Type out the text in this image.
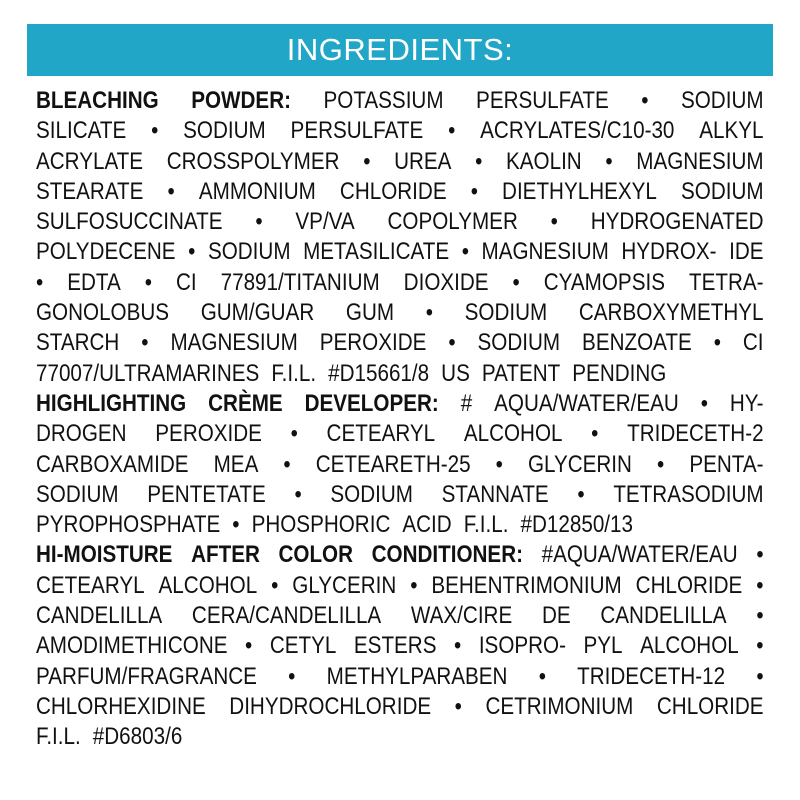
INGREDIENTS:
BLEACHING POWDER: POTASSIUM PERSULFATE • SODIUM
SILICATE • SODIUM PERSULFATE • ACRYLATES/C10-30 ALKYL
ACRYLATE CROSSPOLYMER • UREA • KAOLIN • MAGNESIUM
STEARATE • AMMONIUM CHLORIDE • DIETHYLHEXYL SODIUM
SULFOSUCCINATE • VP/VA COPOLYMER • HYDROGENATED
POLYDECENE • SODIUM METASILICATE • MAGNESIUM HYDROX- IDE
• EDTA • CI 77891/TITANIUM DIOXIDE • CYAMOPSIS TETRA-
GONOLOBUS GUM/GUAR GUM • SODIUM CARBOXYMETHYL
STARCH • MAGNESIUM PEROXIDE • SODIUM BENZOATE • CI
77007/ULTRAMARINES F.I.L. #D15661/8 US PATENT PENDING
HIGHLIGHTING CRÈME DEVELOPER: # AQUA/WATER/EAU • HY-
DROGEN PEROXIDE • CETEARYL ALCOHOL • TRIDECETH-2
CARBOXAMIDE MEA • CETEARETH-25 • GLYCERIN • PENTA-
SODIUM PENTETATE • SODIUM STANNATE • TETRASODIUM
PYROPHOSPHATE • PHOSPHORIC ACID F.I.L. #D12850/13
HI-MOISTURE AFTER COLOR CONDITIONER: #AQUA/WATER/EAU •
CETEARYL ALCOHOL • GLYCERIN • BEHENTRIMONIUM CHLORIDE •
CANDELILLA CERA/CANDELILLA WAX/CIRE DE CANDELILLA •
AMODIMETHICONE • CETYL ESTERS • ISOPRO- PYL ALCOHOL •
PARFUM/FRAGRANCE • METHYLPARABEN • TRIDECETH-12 •
CHLORHEXIDINE DIHYDROCHLORIDE • CETRIMONIUM CHLORIDE
F.I.L. #D6803/6
